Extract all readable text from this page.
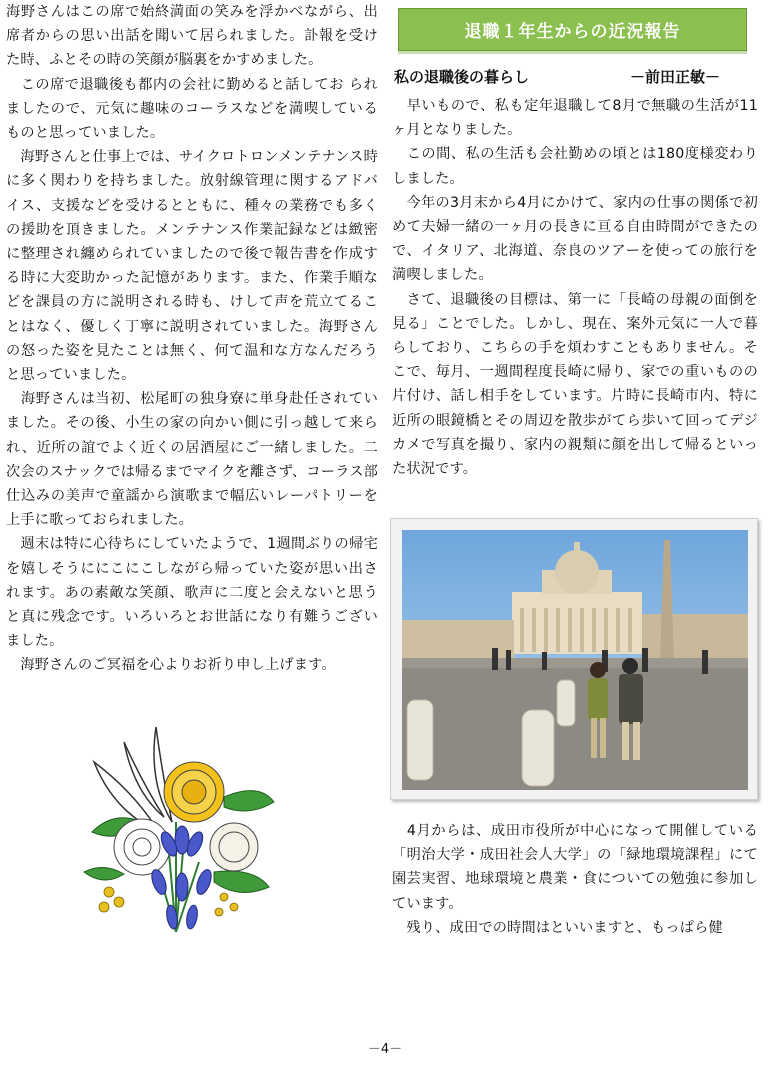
海野さんはこの席で始終満面の笑みを浮かべながら、出席者からの思い出話を聞いて居られました。訃報を受けた時、ふとその時の笑顔が脳裏をかすめました。

　この席で退職後も都内の会社に勤めると話してお られましたので、元気に趣味のコーラスなどを満喫しているものと思っていました。

　海野さんと仕事上では、サイクロトロンメンテナンス時に多く関わりを持ちました。放射線管理に関するアドバイス、支援などを受けるとともに、種々の業務でも多くの援助を頂きました。メンテナンス作業記録などは緻密に整理され纏められていましたので後で報告書を作成する時に大変助かった記憶があります。また、作業手順などを課員の方に説明される時も、けして声を荒立てることはなく、優しく丁寧に説明されていました。海野さんの怒った姿を見たことは無く、何て温和な方なんだろうと思っていました。

　海野さんは当初、松尾町の独身寮に単身赴任されていました。その後、小生の家の向かい側に引っ越して来られ、近所の誼でよく近くの居酒屋にご一緒しました。二次会のスナックでは帰るまでマイクを離さず、コーラス部仕込みの美声で童謡から演歌まで幅広いレーパトリーを上手に歌っておられました。

　週末は特に心待ちにしていたようで、1週間ぶりの帰宅を嬉しそうににこにこしながら帰っていた姿が思い出されます。あの素敵な笑顔、歌声に二度と会えないと思うと真に残念です。いろいろとお世話になり有難うございました。

　海野さんのご冥福を心よりお祈り申し上げます。

退職１年生からの近況報告
私の退職後の暮らし	－前田正敏－

　早いもので、私も定年退職して8月で無職の生活が11ヶ月となりました。

　この間、私の生活も会社勤めの頃とは180度様変わりしました。

　今年の3月末から4月にかけて、家内の仕事の関係で初めて夫婦一緒の一ヶ月の長きに亘る自由時間ができたので、イタリア、北海道、奈良のツアーを使っての旅行を満喫しました。

　さて、退職後の目標は、第一に「長崎の母親の面倒を見る」ことでした。しかし、現在、案外元気に一人で暮らしており、こちらの手を煩わすこともありません。そこで、毎月、一週間程度長崎に帰り、家での重いものの片付け、話し相手をしています。片時に長崎市内、特に近所の眼鏡橋とその周辺を散歩がてら歩いて回ってデジカメで写真を撮り、家内の親類に顔を出して帰るといった状況です。

　4月からは、成田市役所が中心になって開催している「明治大学・成田社会人大学」の「緑地環境課程」にて園芸実習、地球環境と農業・食についての勉強に参加しています。

　残り、成田での時間はといいますと、もっぱら健

－4－
